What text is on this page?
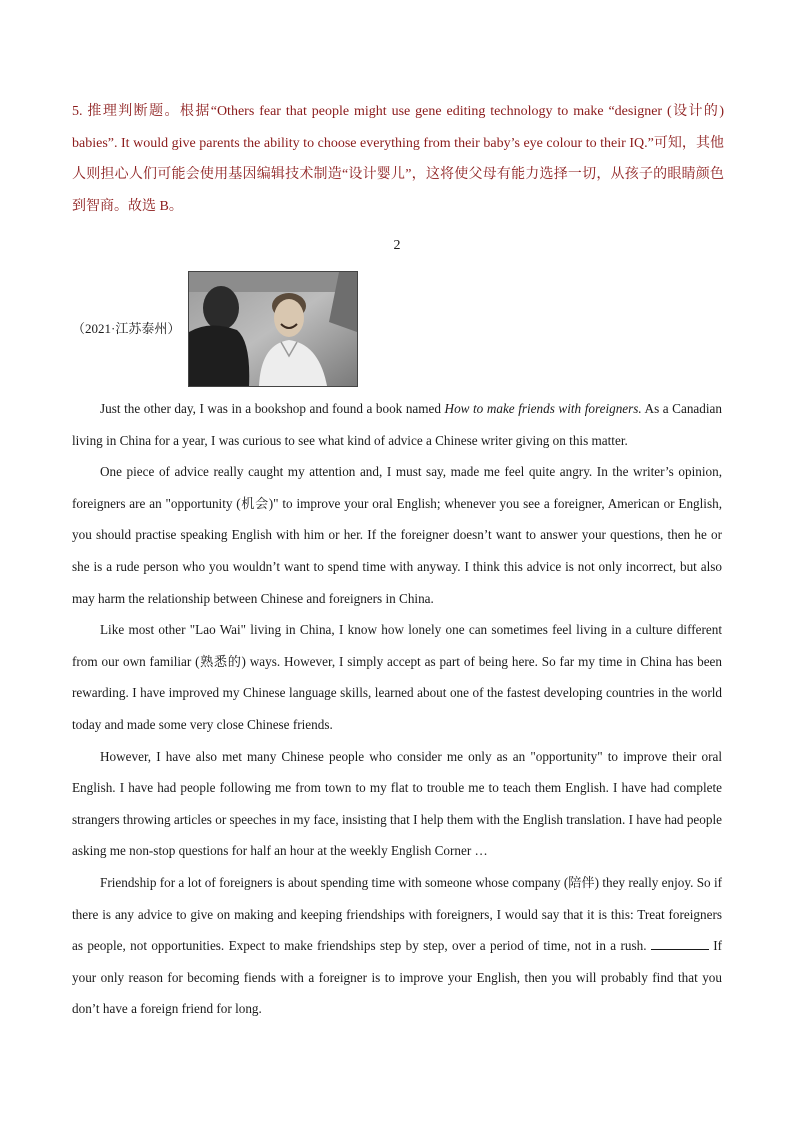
5. 推理判断题。根据“Others fear that people might use gene editing technology to make “designer (设计的) babies”. It would give parents the ability to choose everything from their baby’s eye colour to their IQ.”可知，其他人则担心人们可能会使用基因编辑技术制造“设计婴儿”，这将使父母有能力选择一切，从孩子的眼睛颜色到智商。故选 B。

2
（2021·江苏泰州）

Just the other day, I was in a bookshop and found a book named How to make friends with foreigners. As a Canadian living in China for a year, I was curious to see what kind of advice a Chinese writer giving on this matter.

One piece of advice really caught my attention and, I must say, made me feel quite angry. In the writer’s opinion, foreigners are an "opportunity (机会)" to improve your oral English; whenever you see a foreigner, American or English, you should practise speaking English with him or her. If the foreigner doesn’t want to answer your questions, then he or she is a rude person who you wouldn’t want to spend time with anyway. I think this advice is not only incorrect, but also may harm the relationship between Chinese and foreigners in China.

Like most other "Lao Wai" living in China, I know how lonely one can sometimes feel living in a culture different from our own familiar (熟悉的) ways. However, I simply accept as part of being here. So far my time in China has been rewarding. I have improved my Chinese language skills, learned about one of the fastest developing countries in the world today and made some very close Chinese friends.

However, I have also met many Chinese people who consider me only as an "opportunity" to improve their oral English. I have had people following me from town to my flat to trouble me to teach them English. I have had complete strangers throwing articles or speeches in my face, insisting that I help them with the English translation. I have had people asking me non-stop questions for half an hour at the weekly English Corner …

Friendship for a lot of foreigners is about spending time with someone whose company (陪伴) they really enjoy. So if there is any advice to give on making and keeping friendships with foreigners, I would say that it is this: Treat foreigners as people, not opportunities. Expect to make friendships step by step, over a period of time, not in a rush.	If your only reason for becoming fiends with a foreigner is to improve your English, then you will probably find that you don’t have a foreign friend for long.
